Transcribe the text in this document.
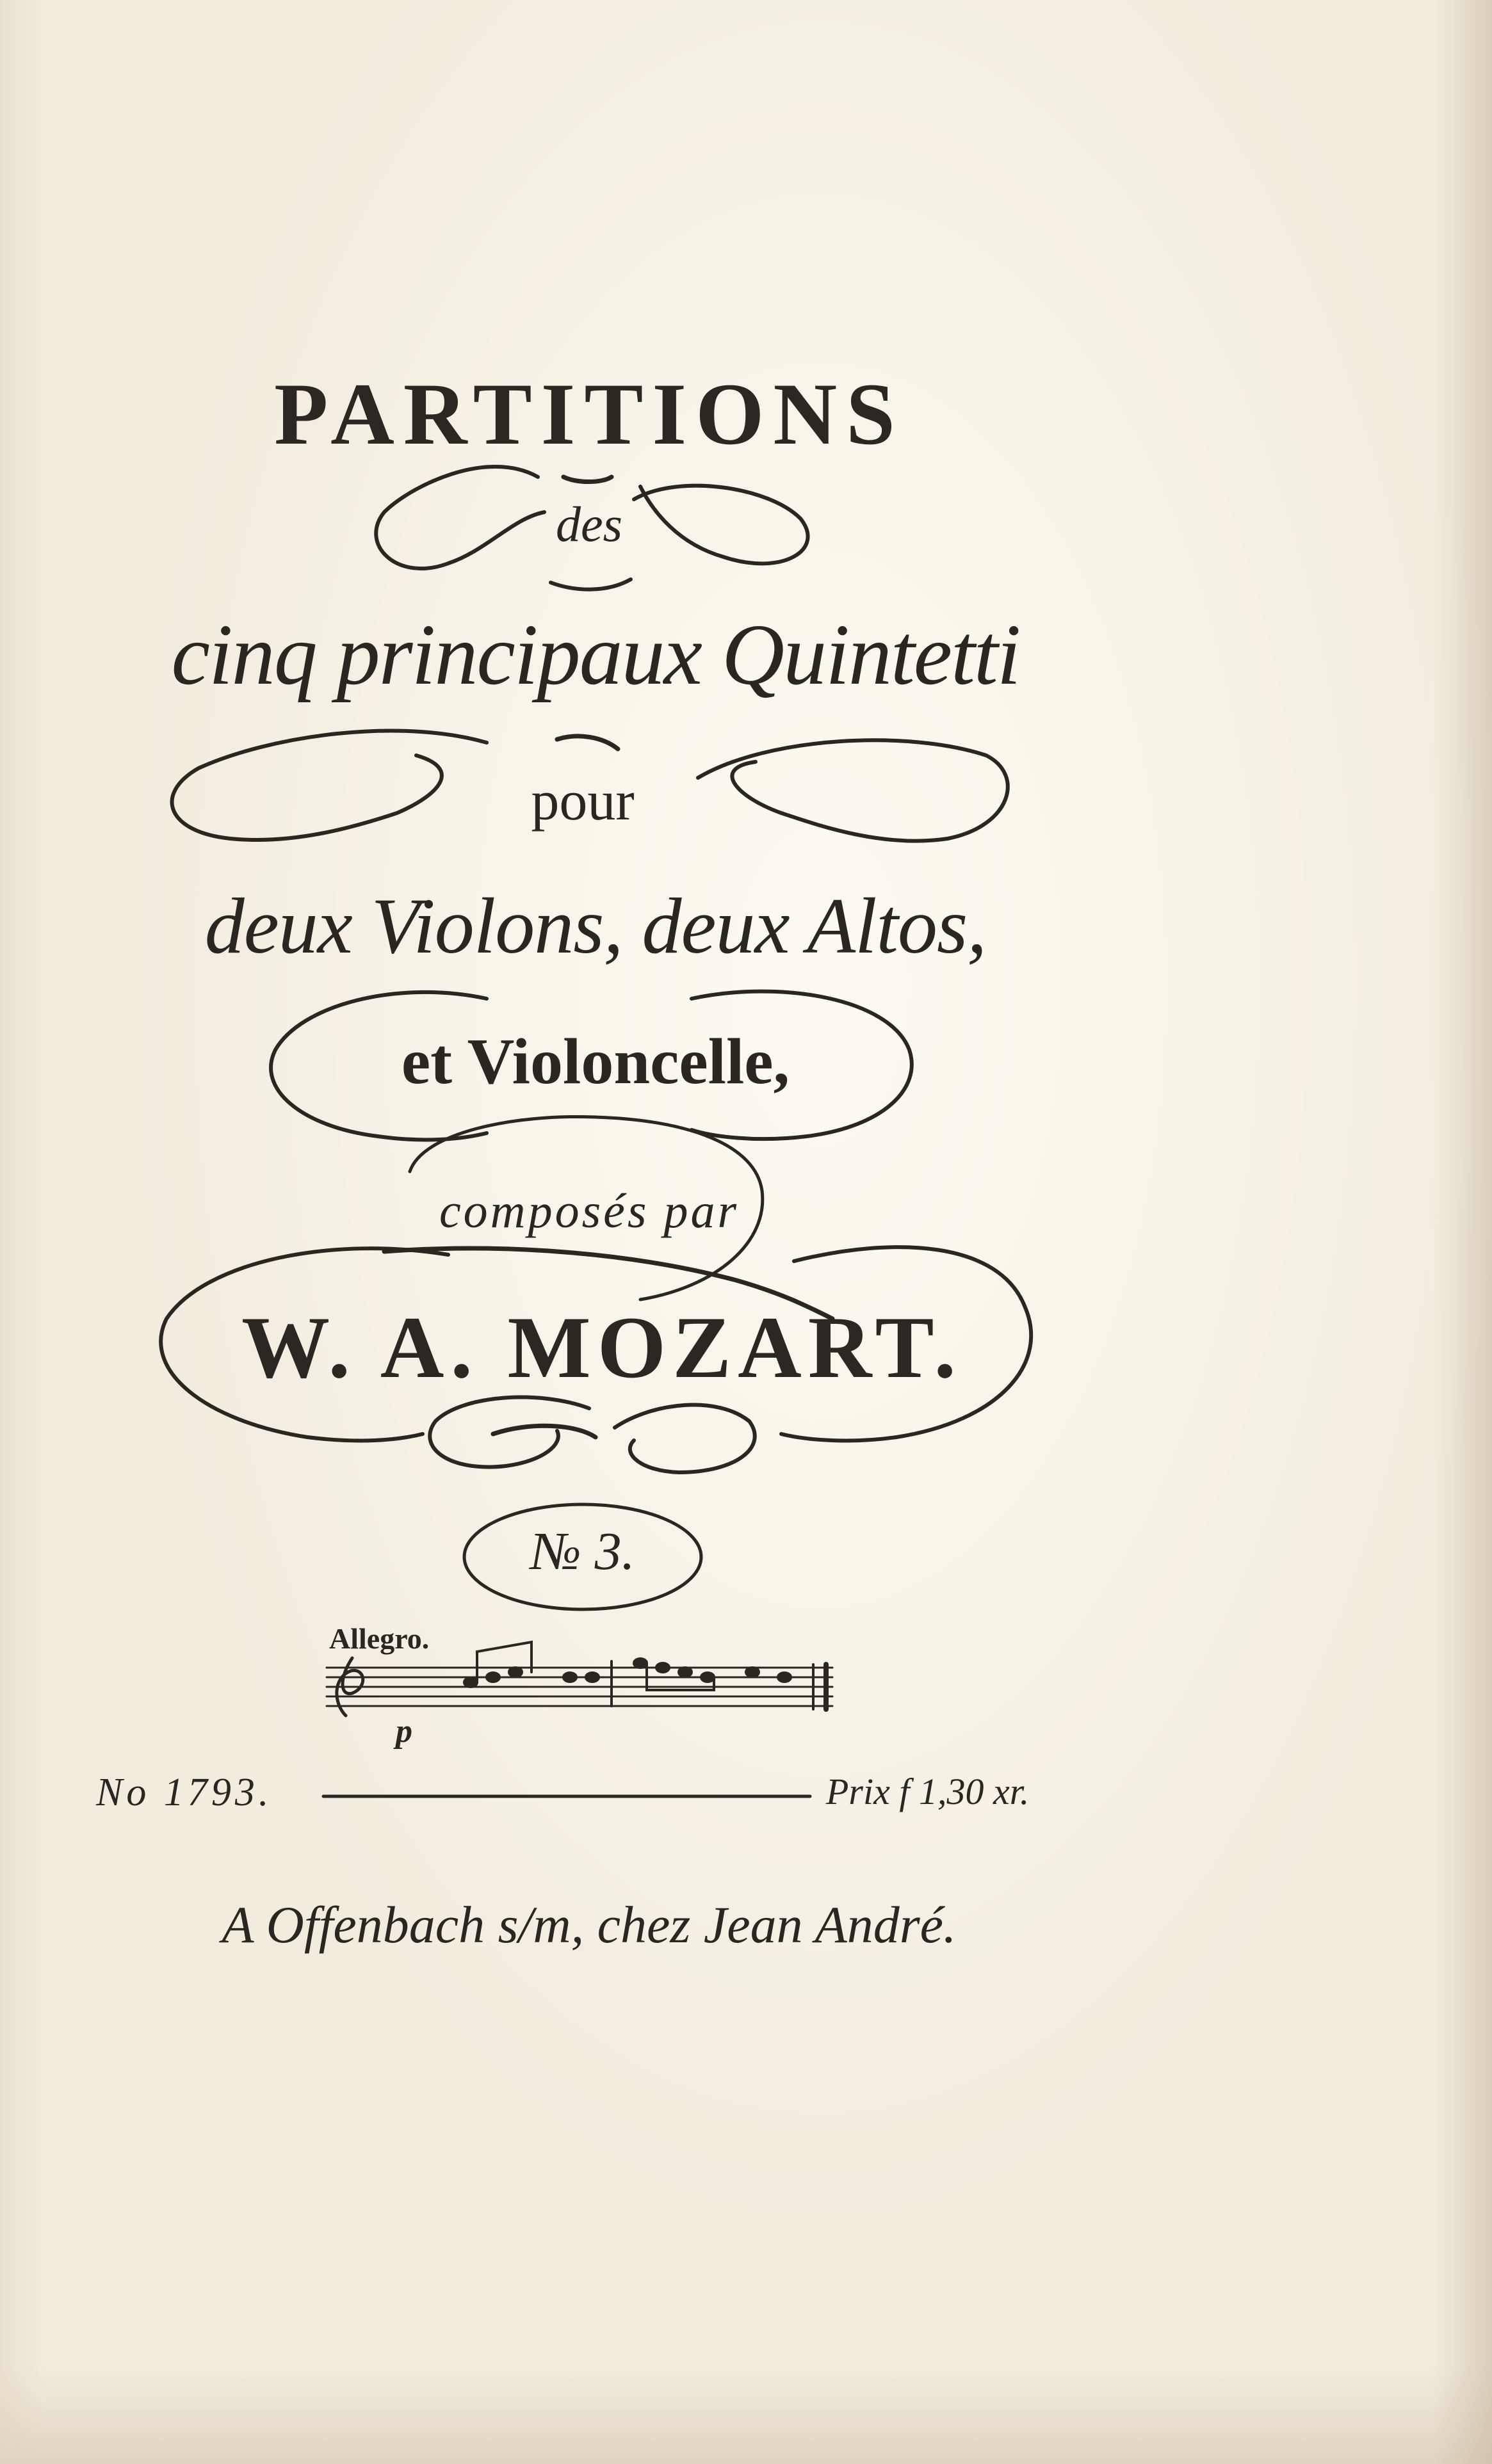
PARTITIONS
des
cinq principaux Quintetti
pour
deux Violons, deux Altos,
et Violoncelle,
composés par
W. A. MOZART.
№ 3.
Allegro.
p
No 1793.	Prix f 1,30 xr.
A Offenbach s/m, chez Jean André.
